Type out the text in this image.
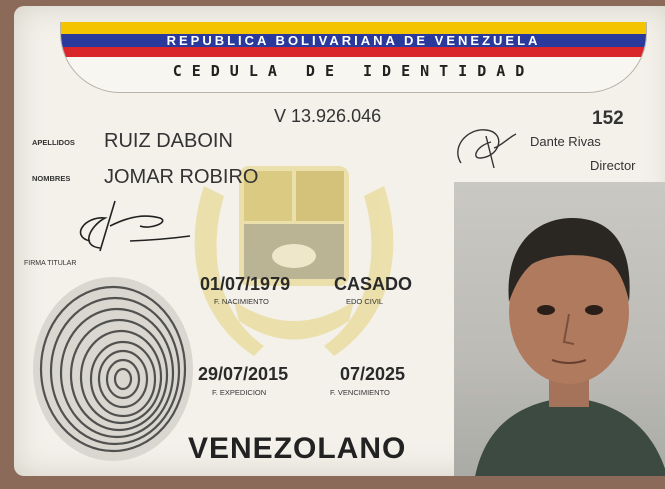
REPUBLICA BOLIVARIANA DE VENEZUELA
CEDULA DE IDENTIDAD
V 13.926.046	152
Dante Rivas
Director
APELLIDOS RUIZ DABOIN
NOMBRES JOMAR ROBIRO
FIRMA TITULAR
01/07/1979
F. NACIMIENTO
CASADO
EDO CIVIL
29/07/2015
F. EXPEDICION
07/2025
F. VENCIMIENTO
VENEZOLANO
